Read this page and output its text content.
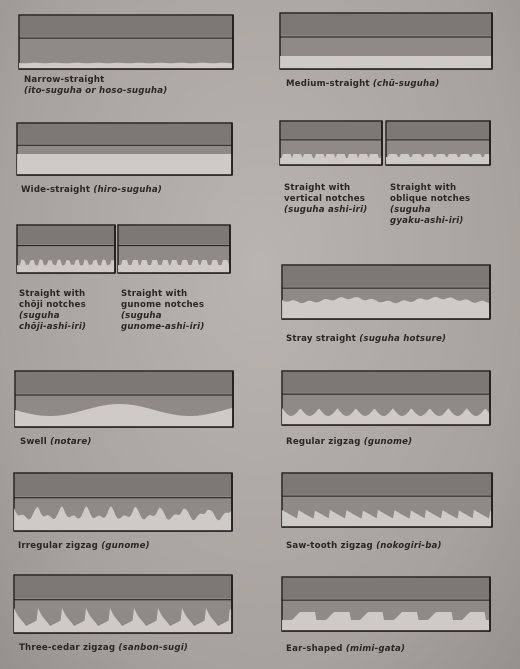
Narrow-straight
(ito-suguha or hoso-suguha)
Medium-straight (chū-suguha)
Wide-straight (hiro-suguha)	Straight with
vertical notches
(suguha ashi-iri)
Straight with
oblique notches
(suguha
gyaku-ashi-iri)
Straight with
chōji notches
(suguha
chōji-ashi-iri)
Straight with
gunome notches
(suguha
gunome-ashi-iri)
Stray straight (suguha hotsure)
Swell (notare)	Regular zigzag (gunome)
Irregular zigzag (gunome)	Saw-tooth zigzag (nokogiri-ba)
Three-cedar zigzag (sanbon-sugi)	Ear-shaped (mimi-gata)
